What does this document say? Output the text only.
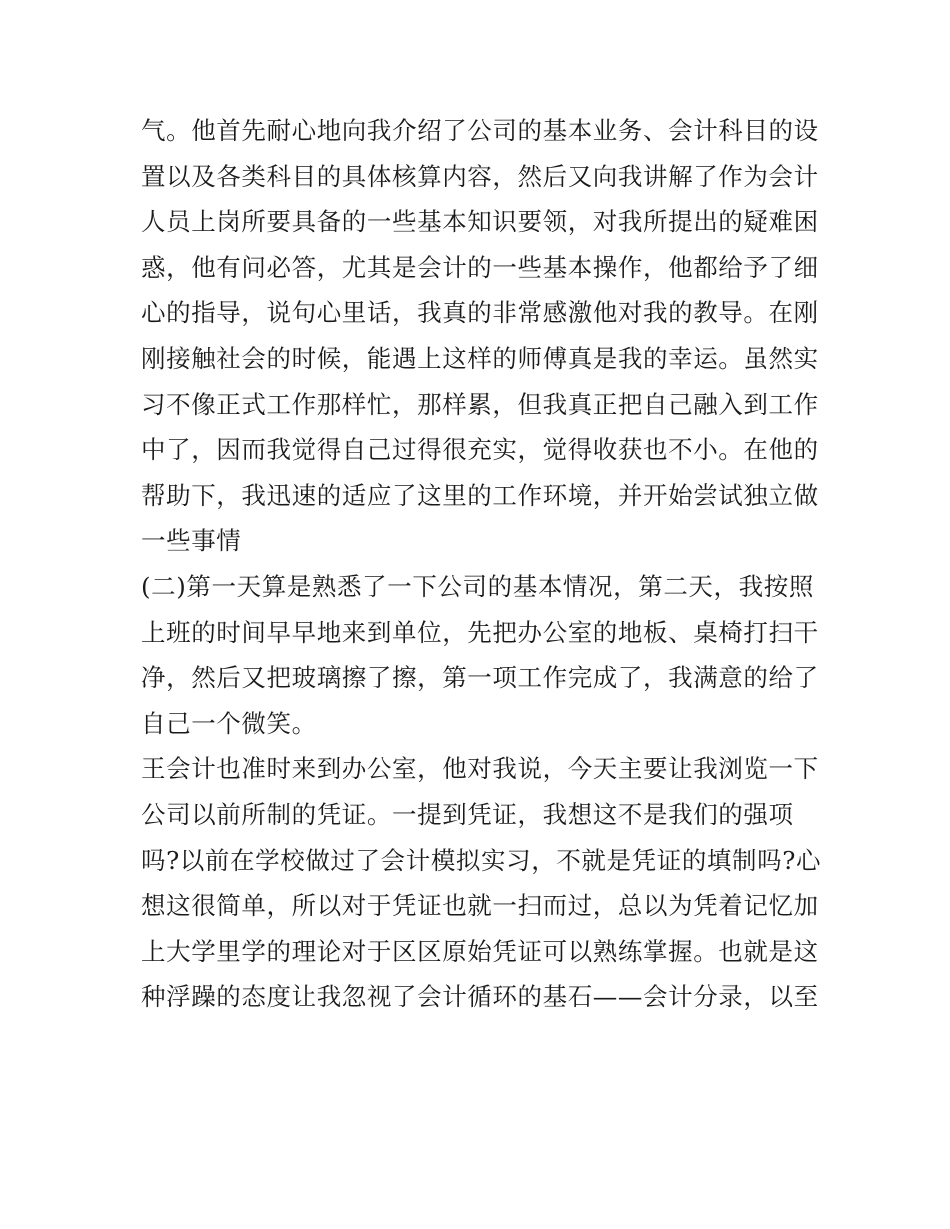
气。他首先耐心地向我介绍了公司的基本业务、会计科目的设
置以及各类科目的具体核算内容，然后又向我讲解了作为会计
人员上岗所要具备的一些基本知识要领，对我所提出的疑难困
惑，他有问必答，尤其是会计的一些基本操作，他都给予了细
心的指导，说句心里话，我真的非常感激他对我的教导。在刚
刚接触社会的时候，能遇上这样的师傅真是我的幸运。虽然实
习不像正式工作那样忙，那样累，但我真正把自己融入到工作
中了，因而我觉得自己过得很充实，觉得收获也不小。在他的
帮助下，我迅速的适应了这里的工作环境，并开始尝试独立做
一些事情
(二)第一天算是熟悉了一下公司的基本情况，第二天，我按照
上班的时间早早地来到单位，先把办公室的地板、桌椅打扫干
净，然后又把玻璃擦了擦，第一项工作完成了，我满意的给了
自己一个微笑。
王会计也准时来到办公室，他对我说，今天主要让我浏览一下
公司以前所制的凭证。一提到凭证，我想这不是我们的强项
吗?以前在学校做过了会计模拟实习，不就是凭证的填制吗?心
想这很简单，所以对于凭证也就一扫而过，总以为凭着记忆加
上大学里学的理论对于区区原始凭证可以熟练掌握。也就是这
种浮躁的态度让我忽视了会计循环的基石——会计分录，以至
